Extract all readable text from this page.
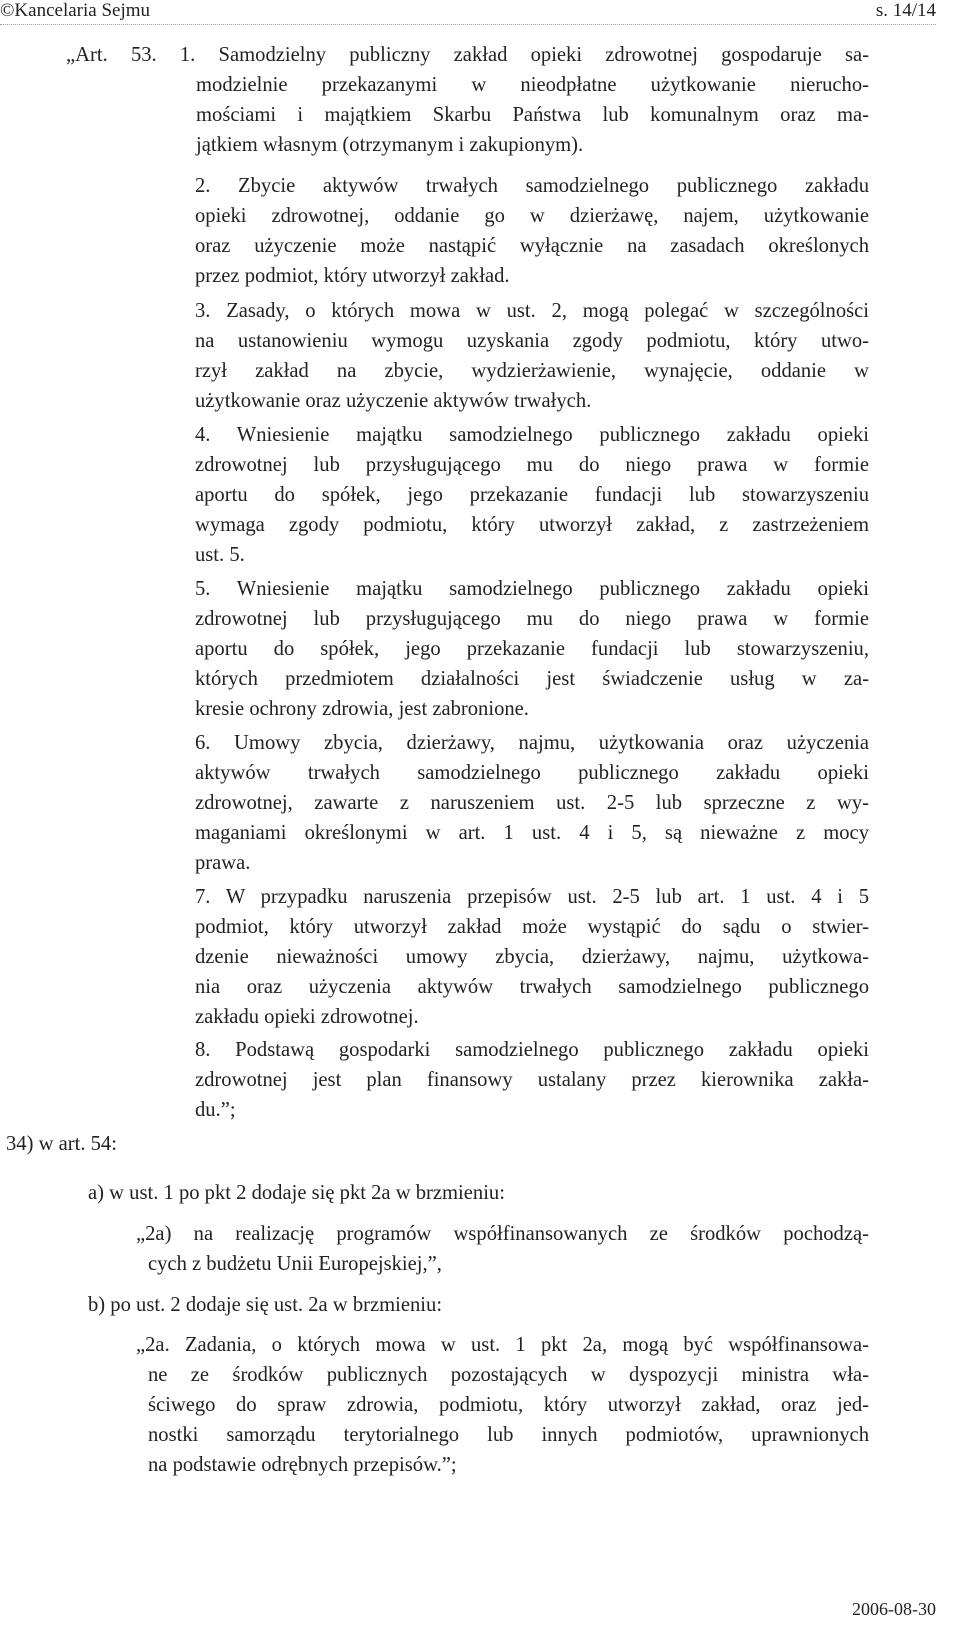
©Kancelaria Sejmu	s. 14/14
„Art. 53. 1. Samodzielny publiczny zakład opieki zdrowotnej gospodaruje sa-
modzielnie przekazanymi w nieodpłatne użytkowanie nierucho-
mościami i majątkiem Skarbu Państwa lub komunalnym oraz ma-
jątkiem własnym (otrzymanym i zakupionym).
2. Zbycie aktywów trwałych samodzielnego publicznego zakładu
opieki zdrowotnej, oddanie go w dzierżawę, najem, użytkowanie
oraz użyczenie może nastąpić wyłącznie na zasadach określonych
przez podmiot, który utworzył zakład.
3. Zasady, o których mowa w ust. 2, mogą polegać w szczególności
na ustanowieniu wymogu uzyskania zgody podmiotu, który utwo-
rzył zakład na zbycie, wydzierżawienie, wynajęcie, oddanie w
użytkowanie oraz użyczenie aktywów trwałych.
4. Wniesienie majątku samodzielnego publicznego zakładu opieki
zdrowotnej lub przysługującego mu do niego prawa w formie
aportu do spółek, jego przekazanie fundacji lub stowarzyszeniu
wymaga zgody podmiotu, który utworzył zakład, z zastrzeżeniem
ust. 5.
5. Wniesienie majątku samodzielnego publicznego zakładu opieki
zdrowotnej lub przysługującego mu do niego prawa w formie
aportu do spółek, jego przekazanie fundacji lub stowarzyszeniu,
których przedmiotem działalności jest świadczenie usług w za-
kresie ochrony zdrowia, jest zabronione.
6. Umowy zbycia, dzierżawy, najmu, użytkowania oraz użyczenia
aktywów trwałych samodzielnego publicznego zakładu opieki
zdrowotnej, zawarte z naruszeniem ust. 2-5 lub sprzeczne z wy-
maganiami określonymi w art. 1 ust. 4 i 5, są nieważne z mocy
prawa.
7. W przypadku naruszenia przepisów ust. 2-5 lub art. 1 ust. 4 i 5
podmiot, który utworzył zakład może wystąpić do sądu o stwier-
dzenie nieważności umowy zbycia, dzierżawy, najmu, użytkowa-
nia oraz użyczenia aktywów trwałych samodzielnego publicznego
zakładu opieki zdrowotnej.
8. Podstawą gospodarki samodzielnego publicznego zakładu opieki
zdrowotnej jest plan finansowy ustalany przez kierownika zakła-
du.”;
34) w art. 54:
a) w ust. 1 po pkt 2 dodaje się pkt 2a w brzmieniu:
„2a) na realizację programów współfinansowanych ze środków pochodzą-
cych z budżetu Unii Europejskiej,”,
b) po ust. 2 dodaje się ust. 2a w brzmieniu:
„2a. Zadania, o których mowa w ust. 1 pkt 2a, mogą być współfinansowa-
ne ze środków publicznych pozostających w dyspozycji ministra wła-
ściwego do spraw zdrowia, podmiotu, który utworzył zakład, oraz jed-
nostki samorządu terytorialnego lub innych podmiotów, uprawnionych
na podstawie odrębnych przepisów.”;
2006-08-30
